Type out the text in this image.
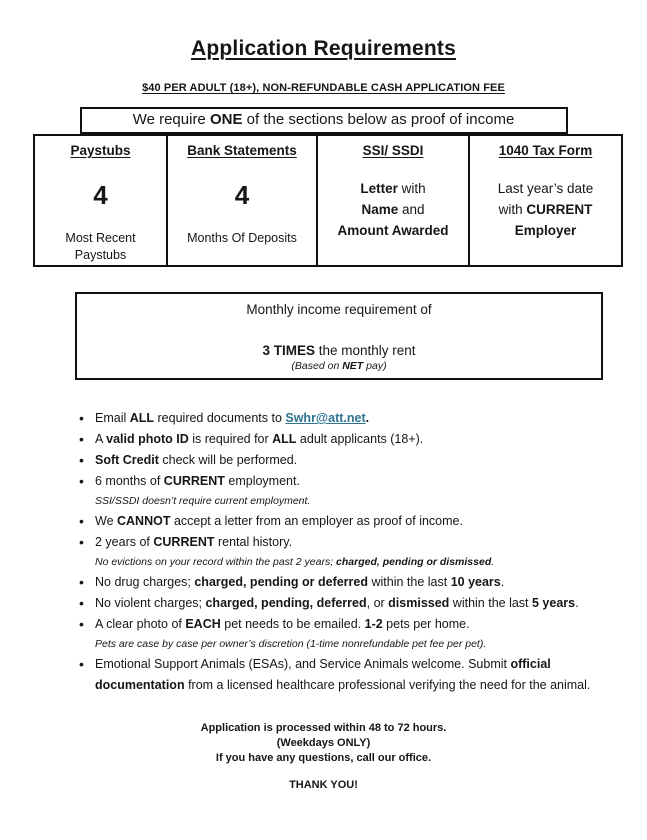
Application Requirements
$40 PER ADULT (18+), NON-REFUNDABLE CASH APPLICATION FEE
We require ONE of the sections below as proof of income
Paystubs
4
Most Recent Paystubs
Bank Statements
4
Months Of Deposits
SSI/ SSDI
Letter with
Name and
Amount Awarded
1040 Tax Form
Last year’s date
with CURRENT
Employer
Monthly income requirement of
3 TIMES the monthly rent
(Based on NET pay)
• Email ALL required documents to Swhr@att.net.
• A valid photo ID is required for ALL adult applicants (18+).
• Soft Credit check will be performed.
• 6 months of CURRENT employment.
SSI/SSDI doesn’t require current employment.
• We CANNOT accept a letter from an employer as proof of income.
• 2 years of CURRENT rental history.
No evictions on your record within the past 2 years; charged, pending or dismissed.
• No drug charges; charged, pending or deferred within the last 10 years.
• No violent charges; charged, pending, deferred, or dismissed within the last 5 years.
• A clear photo of EACH pet needs to be emailed. 1-2 pets per home.
Pets are case by case per owner’s discretion (1-time nonrefundable pet fee per pet).
• Emotional Support Animals (ESAs), and Service Animals welcome. Submit official documentation from a licensed healthcare professional verifying the need for the animal.
Application is processed within 48 to 72 hours.
(Weekdays ONLY)
If you have any questions, call our office.
THANK YOU!
